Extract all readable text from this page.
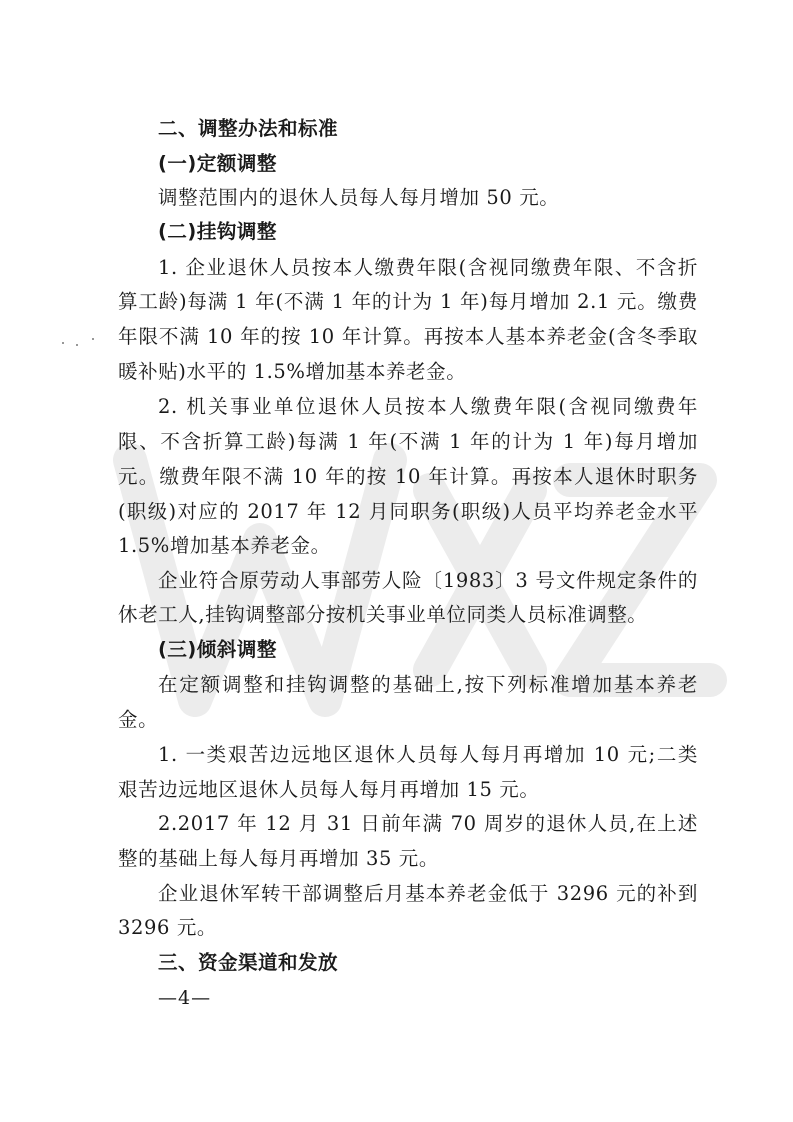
二、调整办法和标准
(一)定额调整
调整范围内的退休人员每人每月增加 50 元。
(二)挂钩调整
1. 企业退休人员按本人缴费年限(含视同缴费年限、不含折
算工龄)每满 1 年(不满 1 年的计为 1 年)每月增加 2.1 元。缴费
年限不满 10 年的按 10 年计算。再按本人基本养老金(含冬季取
暖补贴)水平的 1.5%增加基本养老金。
2. 机关事业单位退休人员按本人缴费年限(含视同缴费年
限、不含折算工龄)每满 1 年(不满 1 年的计为 1 年)每月增加
元。缴费年限不满 10 年的按 10 年计算。再按本人退休时职务
(职级)对应的 2017 年 12 月同职务(职级)人员平均养老金水平
1.5%增加基本养老金。
企业符合原劳动人事部劳人险〔1983〕3 号文件规定条件的
休老工人,挂钩调整部分按机关事业单位同类人员标准调整。
(三)倾斜调整
在定额调整和挂钩调整的基础上,按下列标准增加基本养老
金。
1. 一类艰苦边远地区退休人员每人每月再增加 10 元;二类
艰苦边远地区退休人员每人每月再增加 15 元。
2.2017 年 12 月 31 日前年满 70 周岁的退休人员,在上述
整的基础上每人每月再增加 35 元。
企业退休军转干部调整后月基本养老金低于 3296 元的补到
3296 元。
三、资金渠道和发放
—4—
